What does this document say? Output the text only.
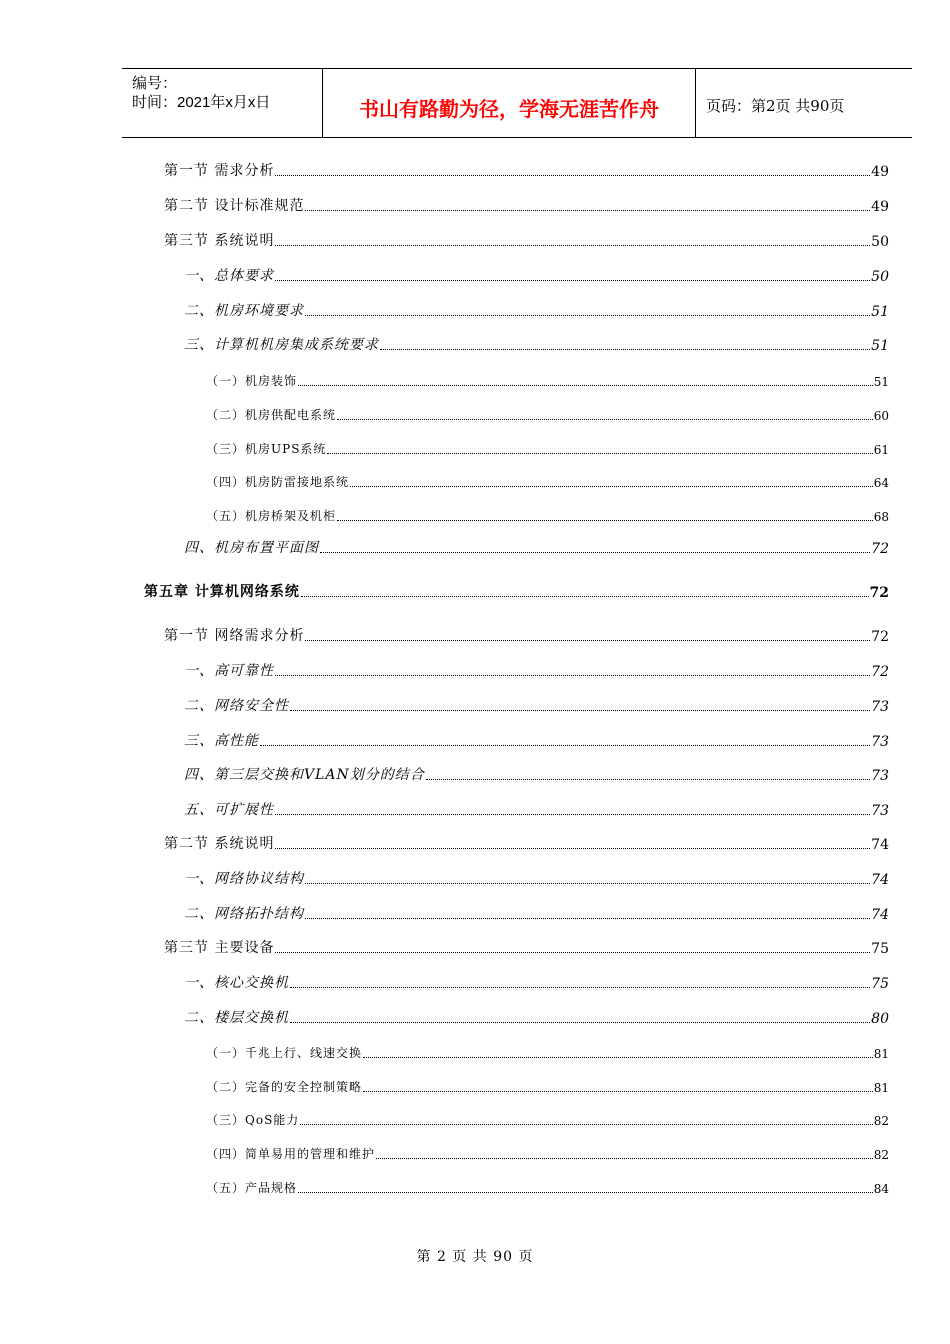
编号：
时间：2021年x月x日	书山有路勤为径，学海无涯苦作舟	页码：第2页 共90页
第一节 需求分析	49
第二节 设计标准规范	49
第三节 系统说明	50
一、总体要求	50
二、机房环境要求	51
三、计算机机房集成系统要求	51
（一）机房装饰	51
（二）机房供配电系统	60
（三）机房UPS系统	61
（四）机房防雷接地系统	64
（五）机房桥架及机柜	68
四、机房布置平面图	72
第五章 计算机网络系统	72
第一节 网络需求分析	72
一、高可靠性	72
二、网络安全性	73
三、高性能	73
四、第三层交换和VLAN划分的结合	73
五、可扩展性	73
第二节 系统说明	74
一、网络协议结构	74
二、网络拓扑结构	74
第三节 主要设备	75
一、核心交换机	75
二、楼层交换机	80
（一）千兆上行、线速交换	81
（二）完备的安全控制策略	81
（三）QoS能力	82
（四）简单易用的管理和维护	82
（五）产品规格	84
第 2 页 共 90 页
